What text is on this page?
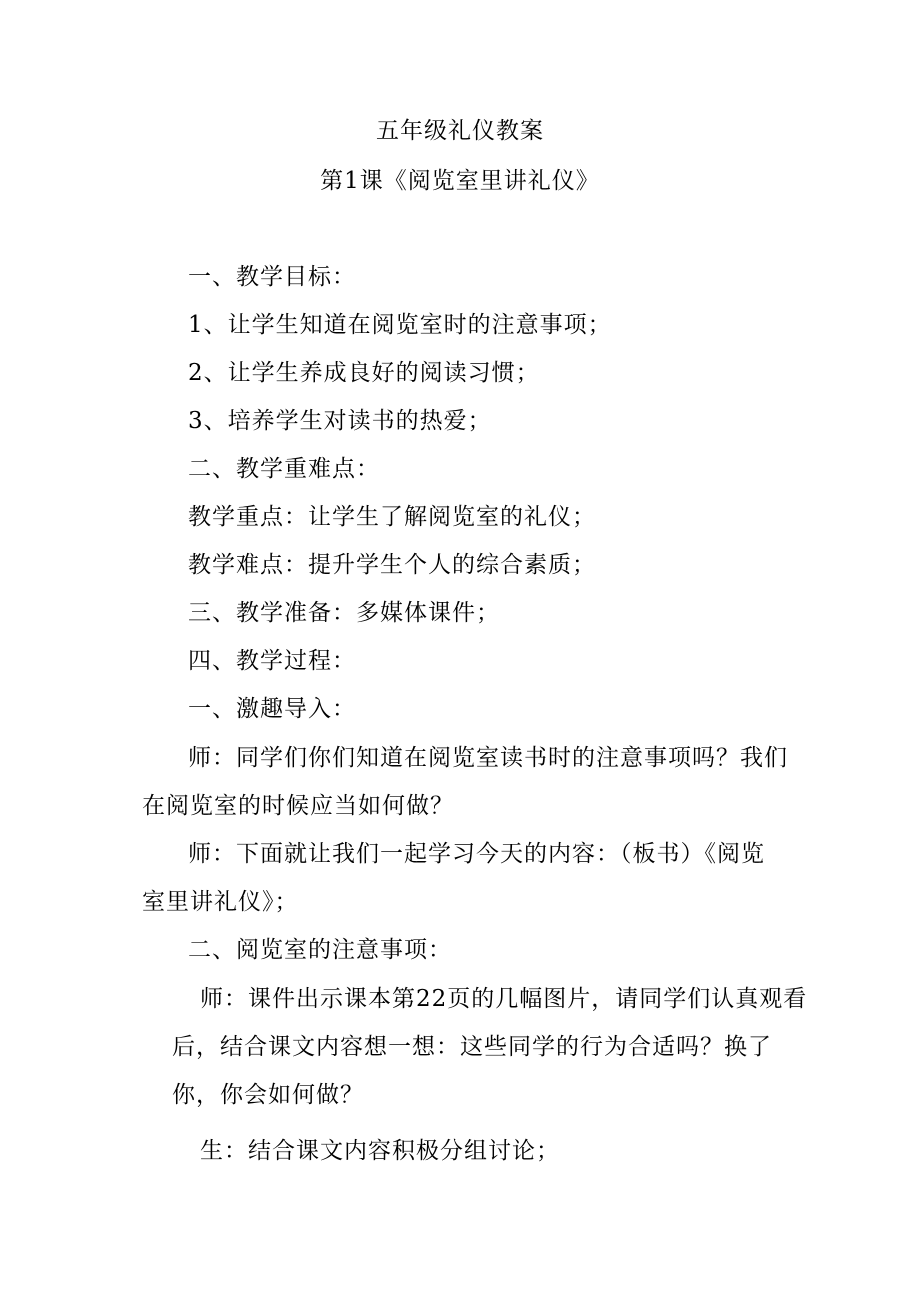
五年级礼仪教案
第1课《阅览室里讲礼仪》
一、教学目标：
1、让学生知道在阅览室时的注意事项；
2、让学生养成良好的阅读习惯；
3、培养学生对读书的热爱；
二、教学重难点：
教学重点：让学生了解阅览室的礼仪；
教学难点：提升学生个人的综合素质；
三、教学准备：多媒体课件；
四、教学过程：
一、激趣导入：
师：同学们你们知道在阅览室读书时的注意事项吗？我们
在阅览室的时候应当如何做？
师：下面就让我们一起学习今天的内容：（板书）《阅览
室里讲礼仪》；
二、阅览室的注意事项：
师：课件出示课本第22页的几幅图片，请同学们认真观看
后，结合课文内容想一想：这些同学的行为合适吗？换了
你，你会如何做？
生：结合课文内容积极分组讨论；
